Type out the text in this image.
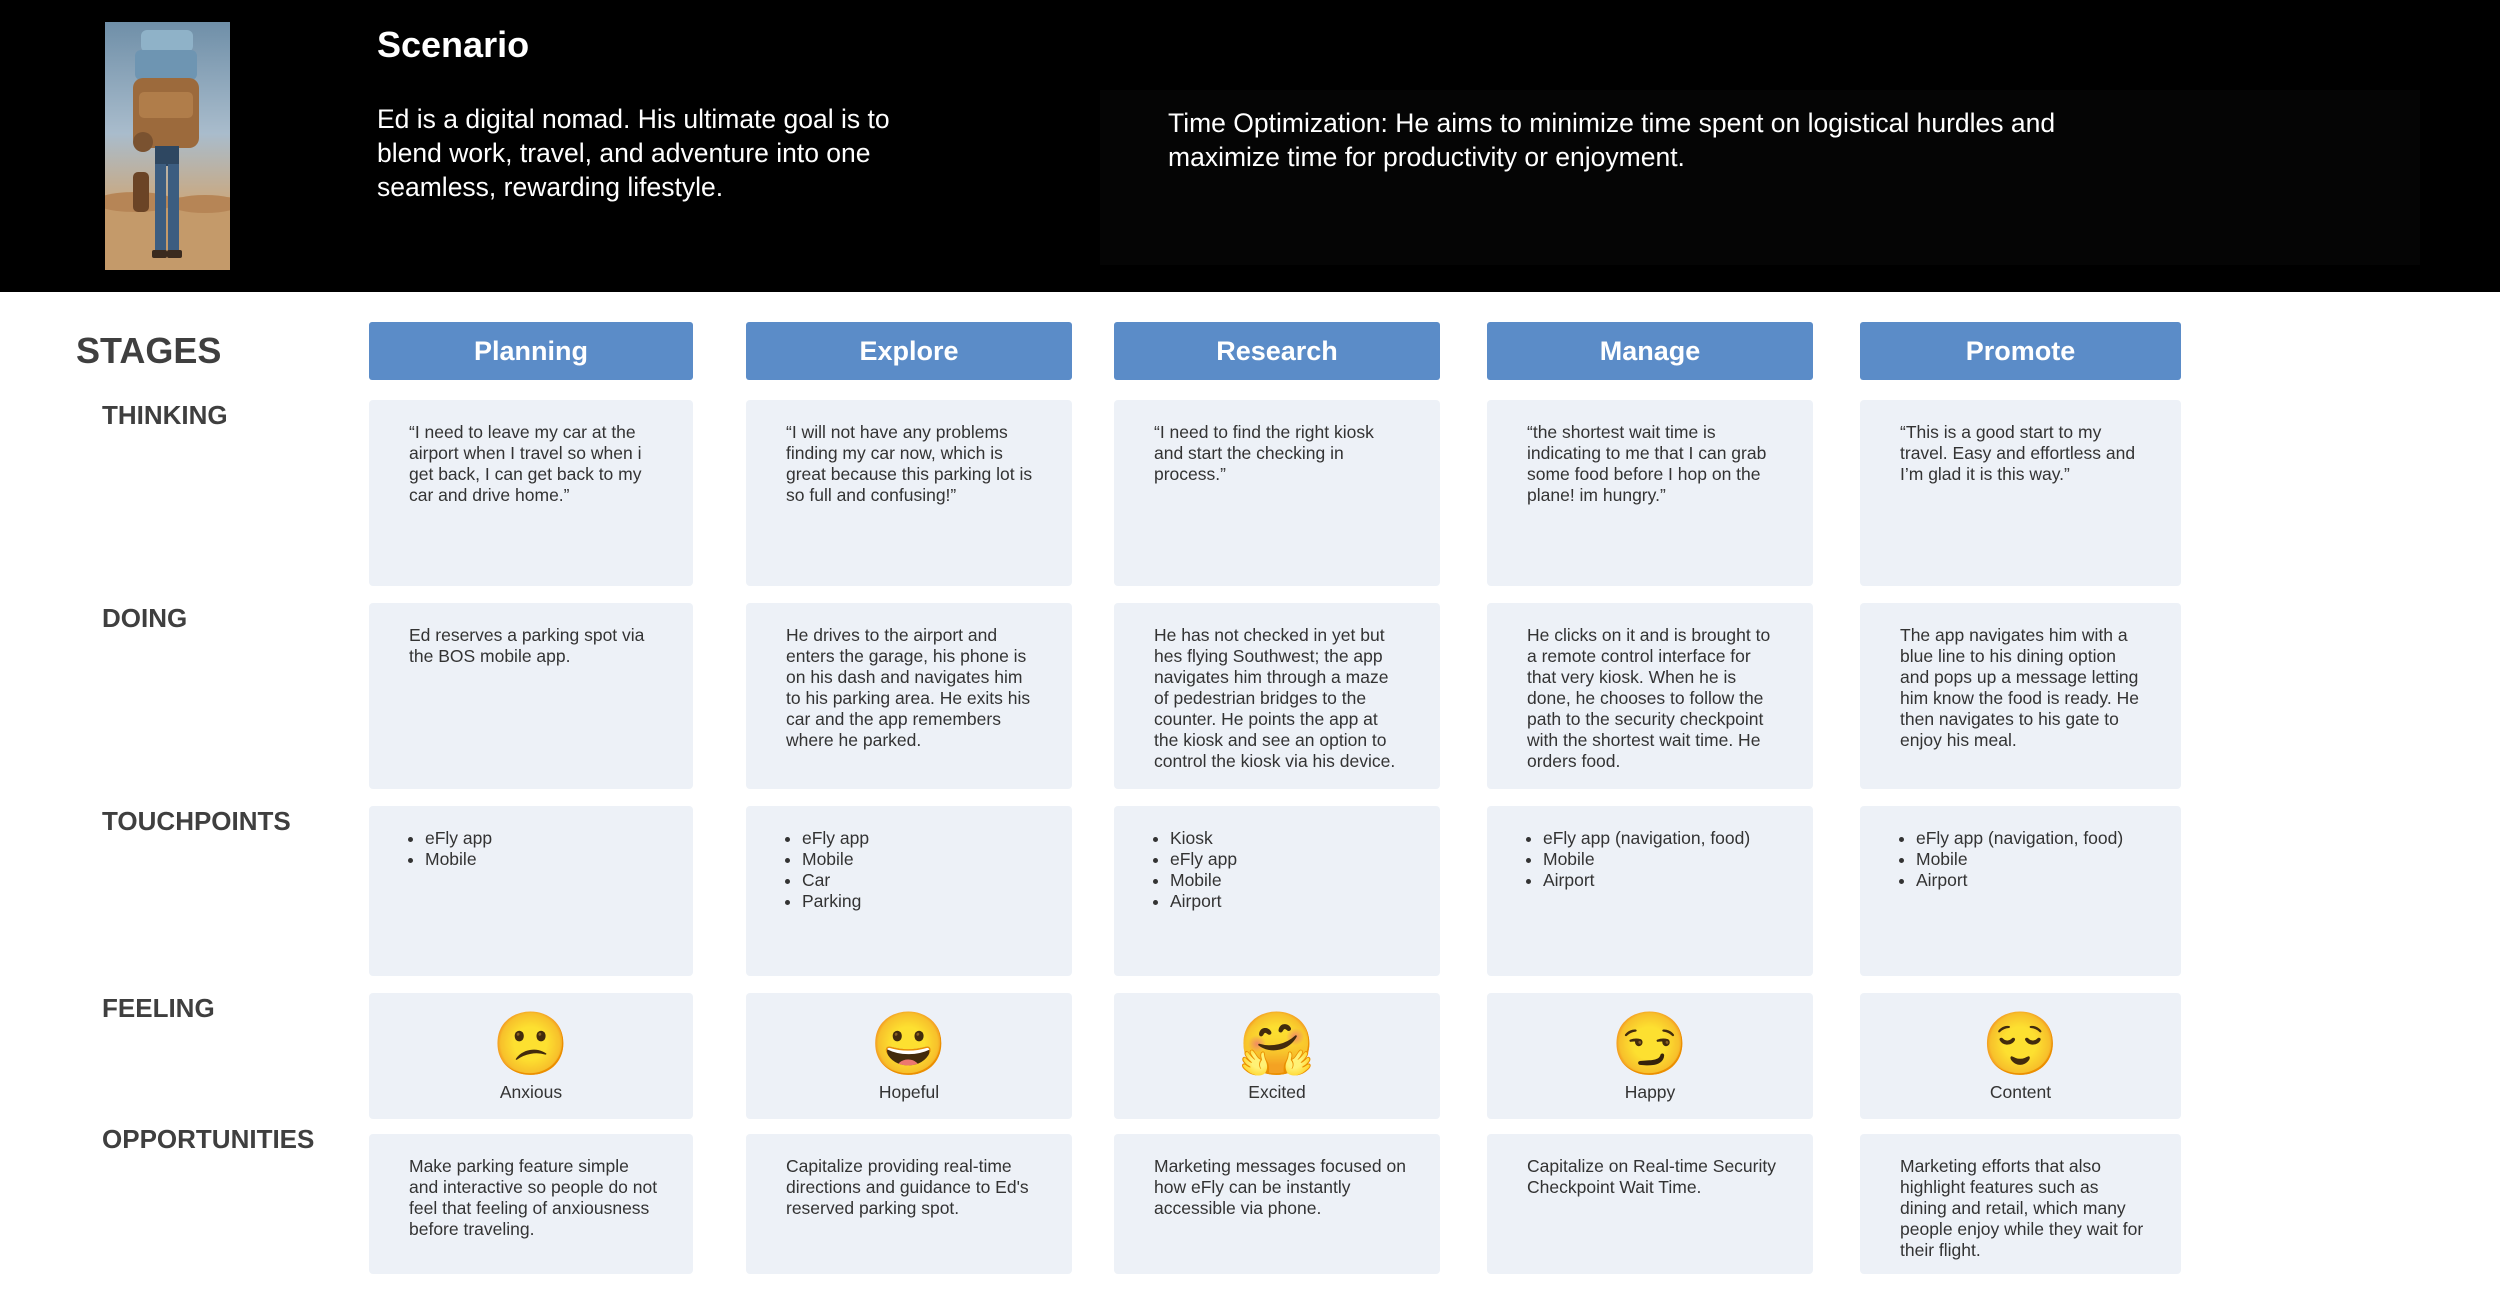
Scenario

Ed is a digital nomad. His ultimate goal is to blend work, travel, and adventure into one seamless, rewarding lifestyle.

Time Optimization: He aims to minimize time spent on logistical hurdles and maximize time for productivity or enjoyment.

STAGES
THINKING
DOING
TOUCHPOINTS
FEELING
OPPORTUNITIES
Planning
“I need to leave my car at the airport when I travel so when i get back, I can get back to my car and drive home.”
Ed reserves a parking spot via the BOS mobile app.
• eFly app
• Mobile
😕
Anxious
Make parking feature simple and interactive so people do not feel that feeling of anxiousness before traveling.
Explore
“I will not have any problems finding my car now, which is great because this parking lot is so full and confusing!”
He drives to the airport and enters the garage, his phone is on his dash and navigates him to his parking area. He exits his car and the app remembers where he parked.
• eFly app
• Mobile
• Car
• Parking
😀
Hopeful
Capitalize providing real-time directions and guidance to Ed's reserved parking spot.
Research
“I need to find the right kiosk and start the checking in process.”
He has not checked in yet but hes flying Southwest; the app navigates him through a maze of pedestrian bridges to the counter. He points the app at the kiosk and see an option to control the kiosk via his device.
• Kiosk
• eFly app
• Mobile
• Airport
🤗
Excited
Marketing messages focused on how eFly can be instantly accessible via phone.
Manage
“the shortest wait time is indicating to me that I can grab some food before I hop on the plane! im hungry.”
He clicks on it and is brought to a remote control interface for that very kiosk. When he is done, he chooses to follow the path to the security checkpoint with the shortest wait time. He orders food.
• eFly app (navigation, food)
• Mobile
• Airport
😏
Happy
Capitalize on Real-time Security Checkpoint Wait Time.
Promote
“This is a good start to my travel. Easy and effortless and I’m glad it is this way.”
The app navigates him with a blue line to his dining option and pops up a message letting him know the food is ready. He then navigates to his gate to enjoy his meal.
• eFly app (navigation, food)
• Mobile
• Airport
😌
Content
Marketing efforts that also highlight features such as dining and retail, which many people enjoy while they wait for their flight.
